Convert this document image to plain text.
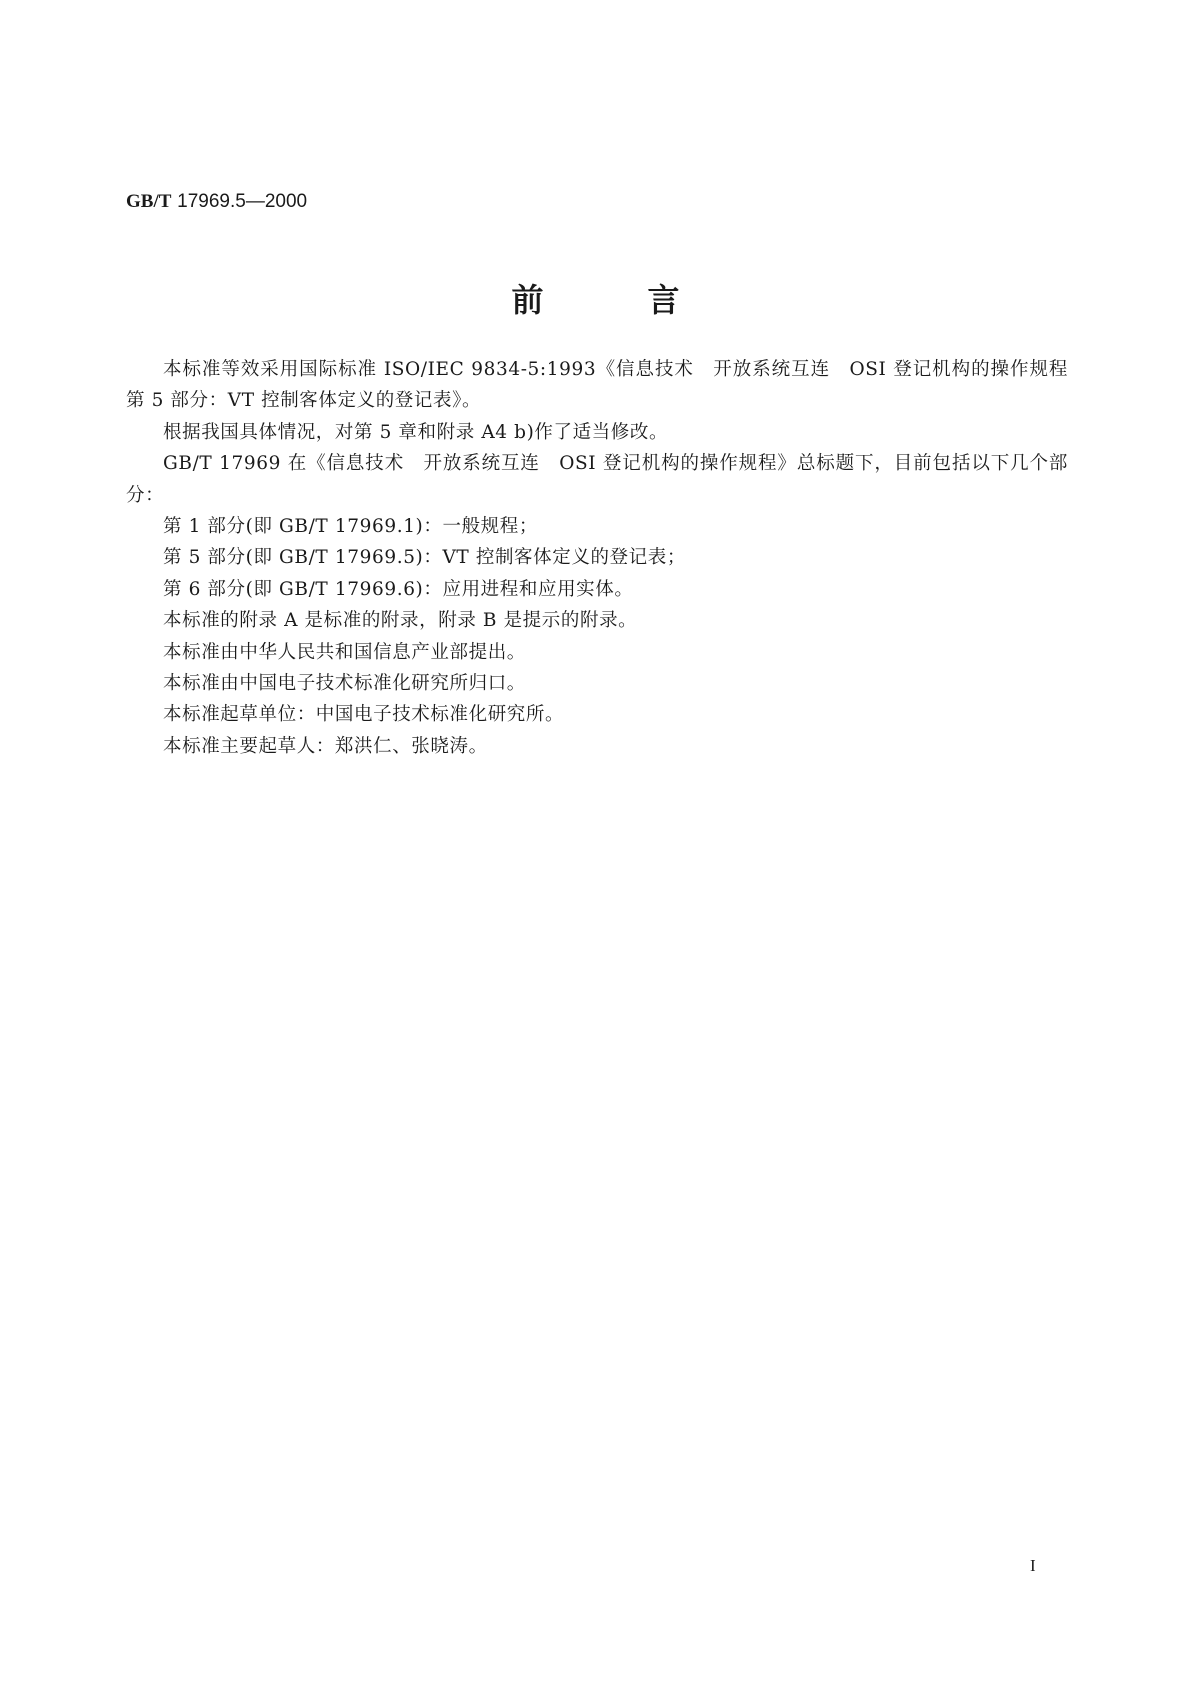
GB/T 17969.5—2000
前	言

本标准等效采用国际标准 ISO/IEC 9834-5:1993《信息技术　开放系统互连　OSI 登记机构的操作规程　第 5 部分：VT 控制客体定义的登记表》。

根据我国具体情况，对第 5 章和附录 A4 b)作了适当修改。

GB/T 17969 在《信息技术　开放系统互连　OSI 登记机构的操作规程》总标题下，目前包括以下几个部分：

第 1 部分(即 GB/T 17969.1)：一般规程；

第 5 部分(即 GB/T 17969.5)：VT 控制客体定义的登记表；

第 6 部分(即 GB/T 17969.6)：应用进程和应用实体。

本标准的附录 A 是标准的附录，附录 B 是提示的附录。

本标准由中华人民共和国信息产业部提出。

本标准由中国电子技术标准化研究所归口。

本标准起草单位：中国电子技术标准化研究所。

本标准主要起草人：郑洪仁、张晓涛。

I
